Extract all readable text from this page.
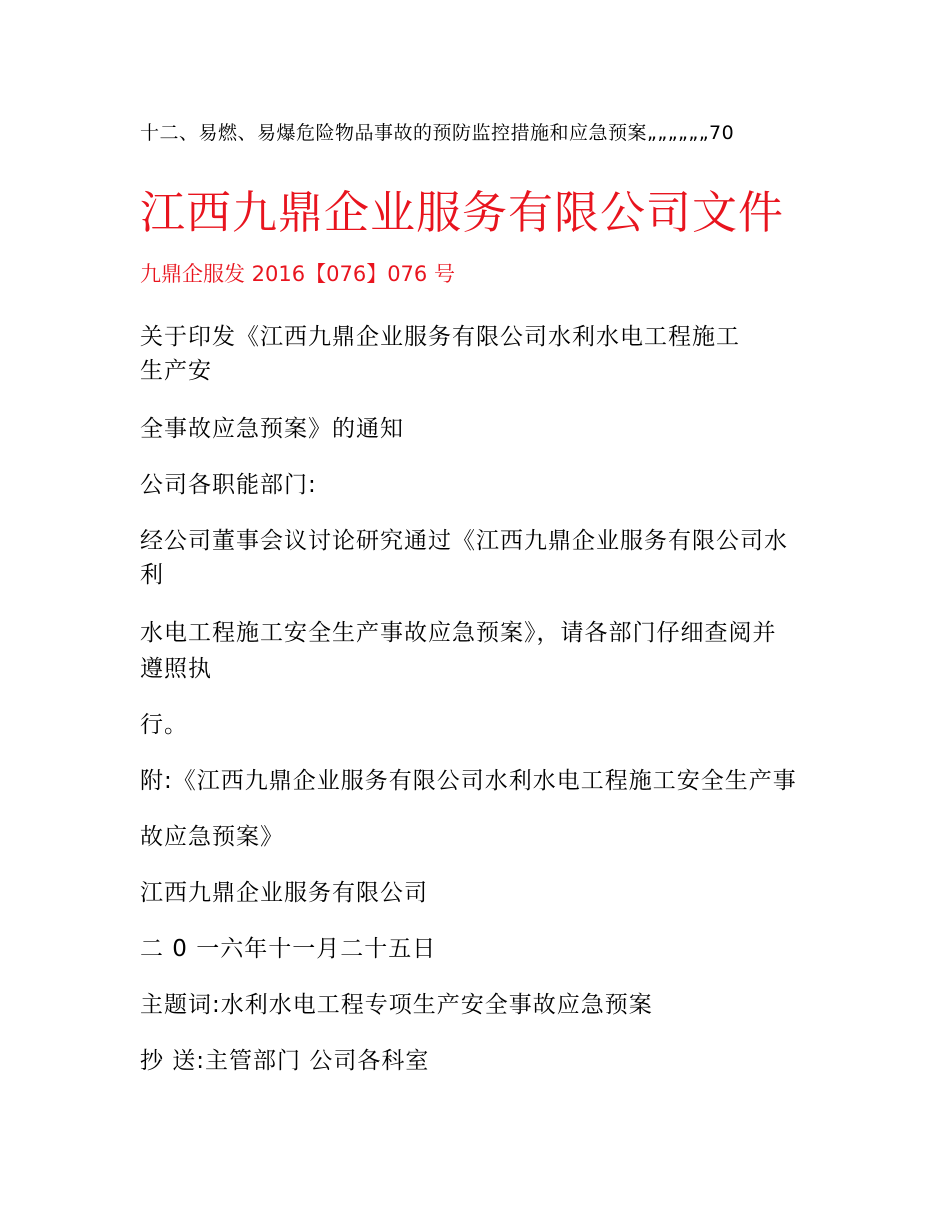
十二、易燃、易爆危险物品事故的预防监控措施和应急预案„„„„„„70

江西九鼎企业服务有限公司文件

九鼎企服发 2016【076】076 号

关于印发《江西九鼎企业服务有限公司水利水电工程施工

生产安

全事故应急预案》的通知

公司各职能部门:

经公司董事会议讨论研究通过《江西九鼎企业服务有限公司水

利

水电工程施工安全生产事故应急预案》，请各部门仔细查阅并

遵照执

行。

附:《江西九鼎企业服务有限公司水利水电工程施工安全生产事

故应急预案》

江西九鼎企业服务有限公司

二 0 一六年十一月二十五日

主题词:水利水电工程专项生产安全事故应急预案

抄 送:主管部门 公司各科室
